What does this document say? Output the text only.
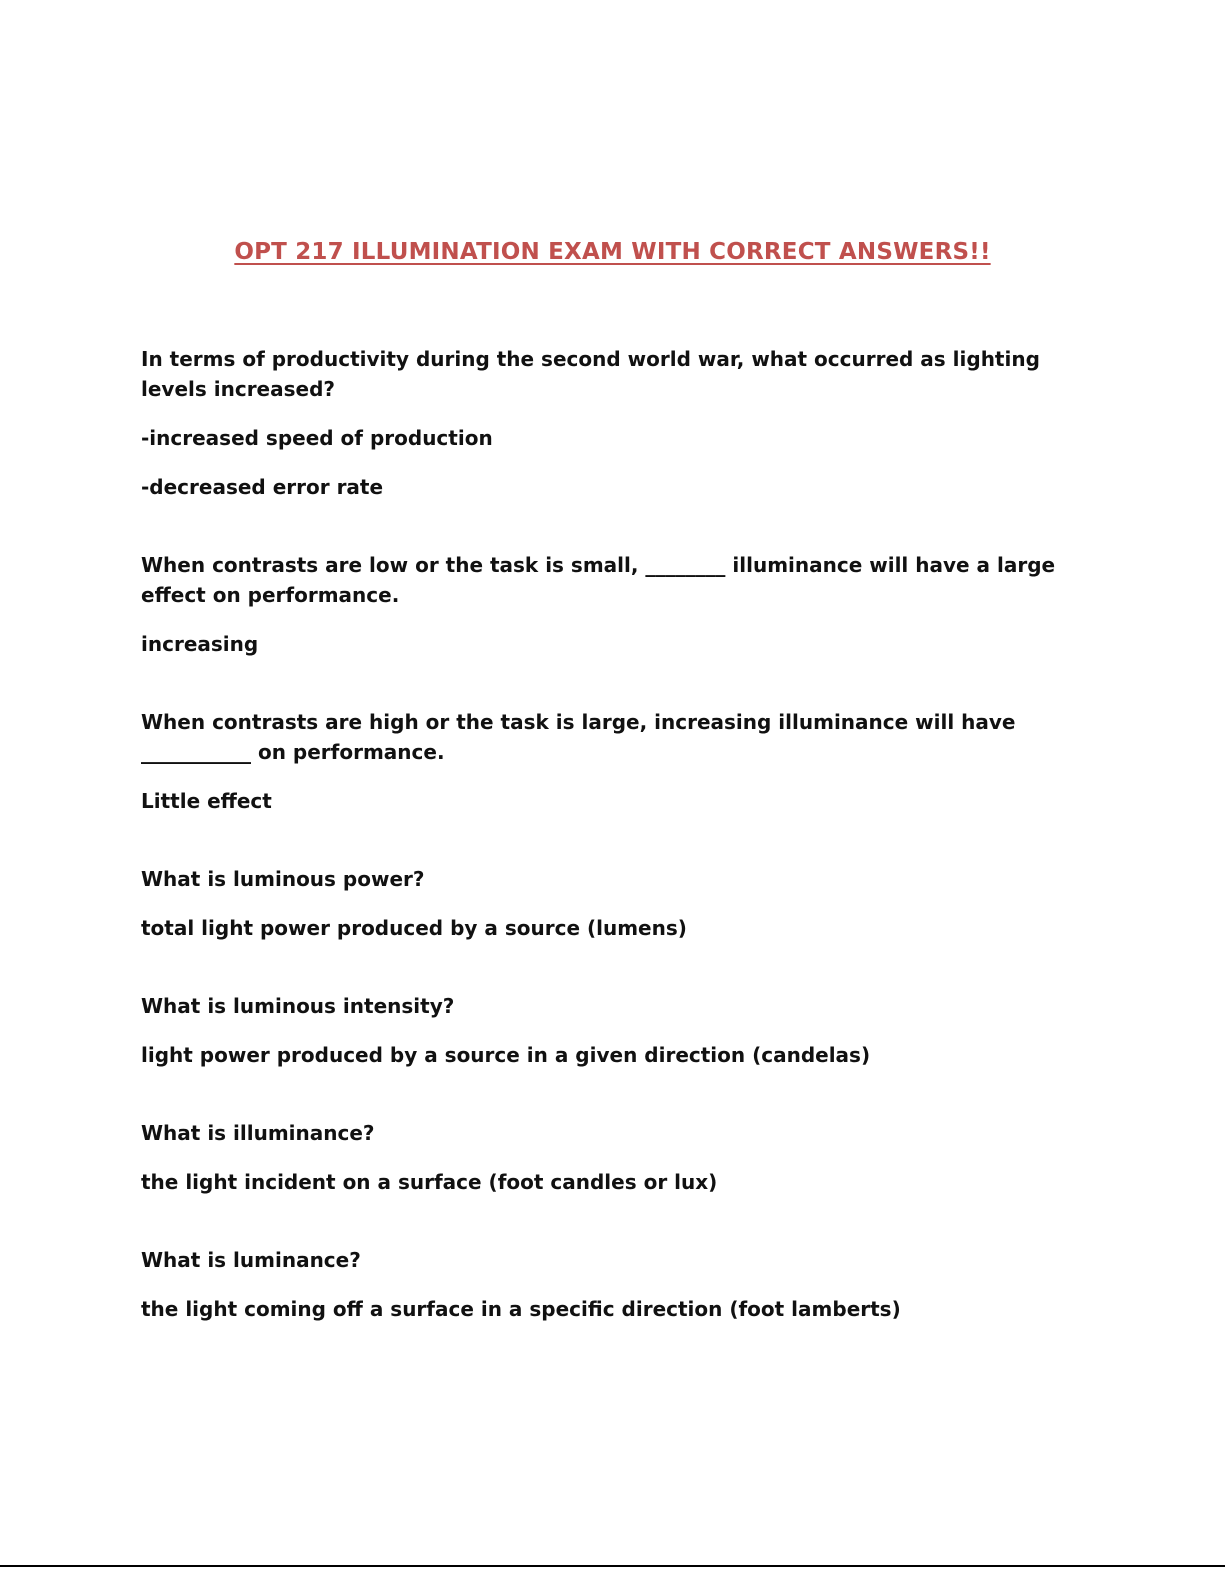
OPT 217 ILLUMINATION EXAM WITH CORRECT ANSWERS!!
In terms of productivity during the second world war, what occurred as lighting levels increased?
-increased speed of production
-decreased error rate
When contrasts are low or the task is small, ________ illuminance will have a large effect on performance.
increasing
When contrasts are high or the task is large, increasing illuminance will have ___________ on performance.
Little effect
What is luminous power?
total light power produced by a source (lumens)
What is luminous intensity?
light power produced by a source in a given direction (candelas)
What is illuminance?
the light incident on a surface (foot candles or lux)
What is luminance?
the light coming off a surface in a specific direction (foot lamberts)
